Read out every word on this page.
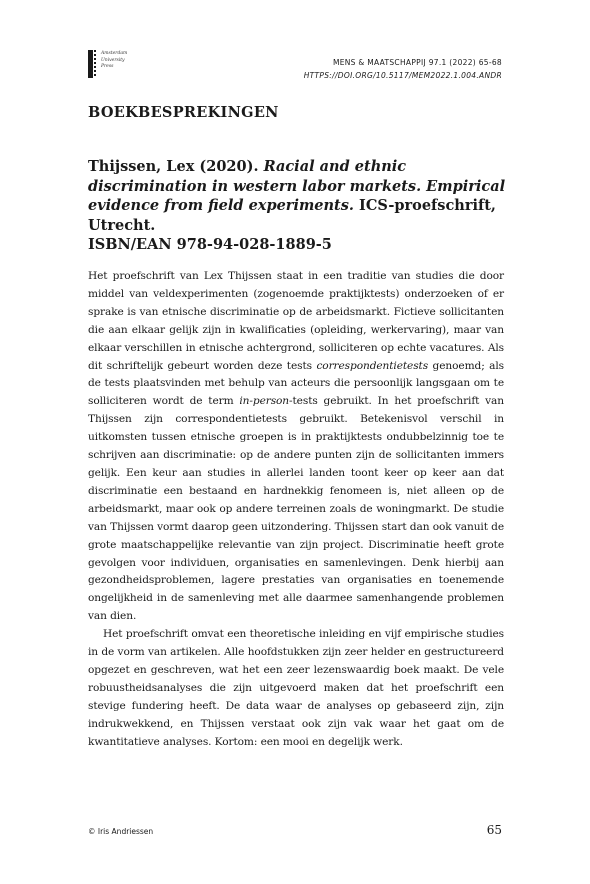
Amsterdam
University
Press	MENS & MAATSCHAPPIJ 97.1 (2022) 65-68
HTTPS://DOI.ORG/10.5117/MEM2022.1.004.ANDR
BOEKBESPREKINGEN
Thijssen, Lex (2020). Racial and ethnic discrimination in western labor markets. Empirical evidence from field experiments. ICS-proefschrift, Utrecht.
ISBN/EAN 978-94-028-1889-5

Het proefschrift van Lex Thijssen staat in een traditie van studies die door middel van veldexperimenten (zogenoemde praktijktests) onderzoeken of er sprake is van etnische discriminatie op de arbeidsmarkt. Fictieve sollicitanten die aan elkaar gelijk zijn in kwalificaties (opleiding, werkervaring), maar van elkaar verschillen in etnische achtergrond, solliciteren op echte vacatures. Als dit schriftelijk gebeurt worden deze tests correspondentietests genoemd; als de tests plaatsvinden met behulp van acteurs die persoonlijk langsgaan om te solliciteren wordt de term in-person-tests gebruikt. In het proefschrift van Thijssen zijn correspondentietests gebruikt. Betekenisvol verschil in uitkomsten tussen etnische groepen is in praktijktests ondubbelzinnig toe te schrijven aan discriminatie: op de andere punten zijn de sollicitanten immers gelijk. Een keur aan studies in allerlei landen toont keer op keer aan dat discriminatie een bestaand en hardnekkig fenomeen is, niet alleen op de arbeidsmarkt, maar ook op andere terreinen zoals de woningmarkt. De studie van Thijssen vormt daarop geen uitzondering. Thijssen start dan ook vanuit de grote maatschappelijke relevantie van zijn project. Discriminatie heeft grote gevolgen voor individuen, organisaties en samenlevingen. Denk hierbij aan gezondheidsproblemen, lagere prestaties van organisaties en toenemende ongelijkheid in de samenleving met alle daarmee samenhangende problemen van dien.

Het proefschrift omvat een theoretische inleiding en vijf empirische studies in de vorm van artikelen. Alle hoofdstukken zijn zeer helder en gestructureerd opgezet en geschreven, wat het een zeer lezenswaardig boek maakt. De vele robuustheidsanalyses die zijn uitgevoerd maken dat het proefschrift een stevige fundering heeft. De data waar de analyses op gebaseerd zijn, zijn indrukwekkend, en Thijssen verstaat ook zijn vak waar het gaat om de kwantitatieve analyses. Kortom: een mooi en degelijk werk.

© Iris Andriessen	65
